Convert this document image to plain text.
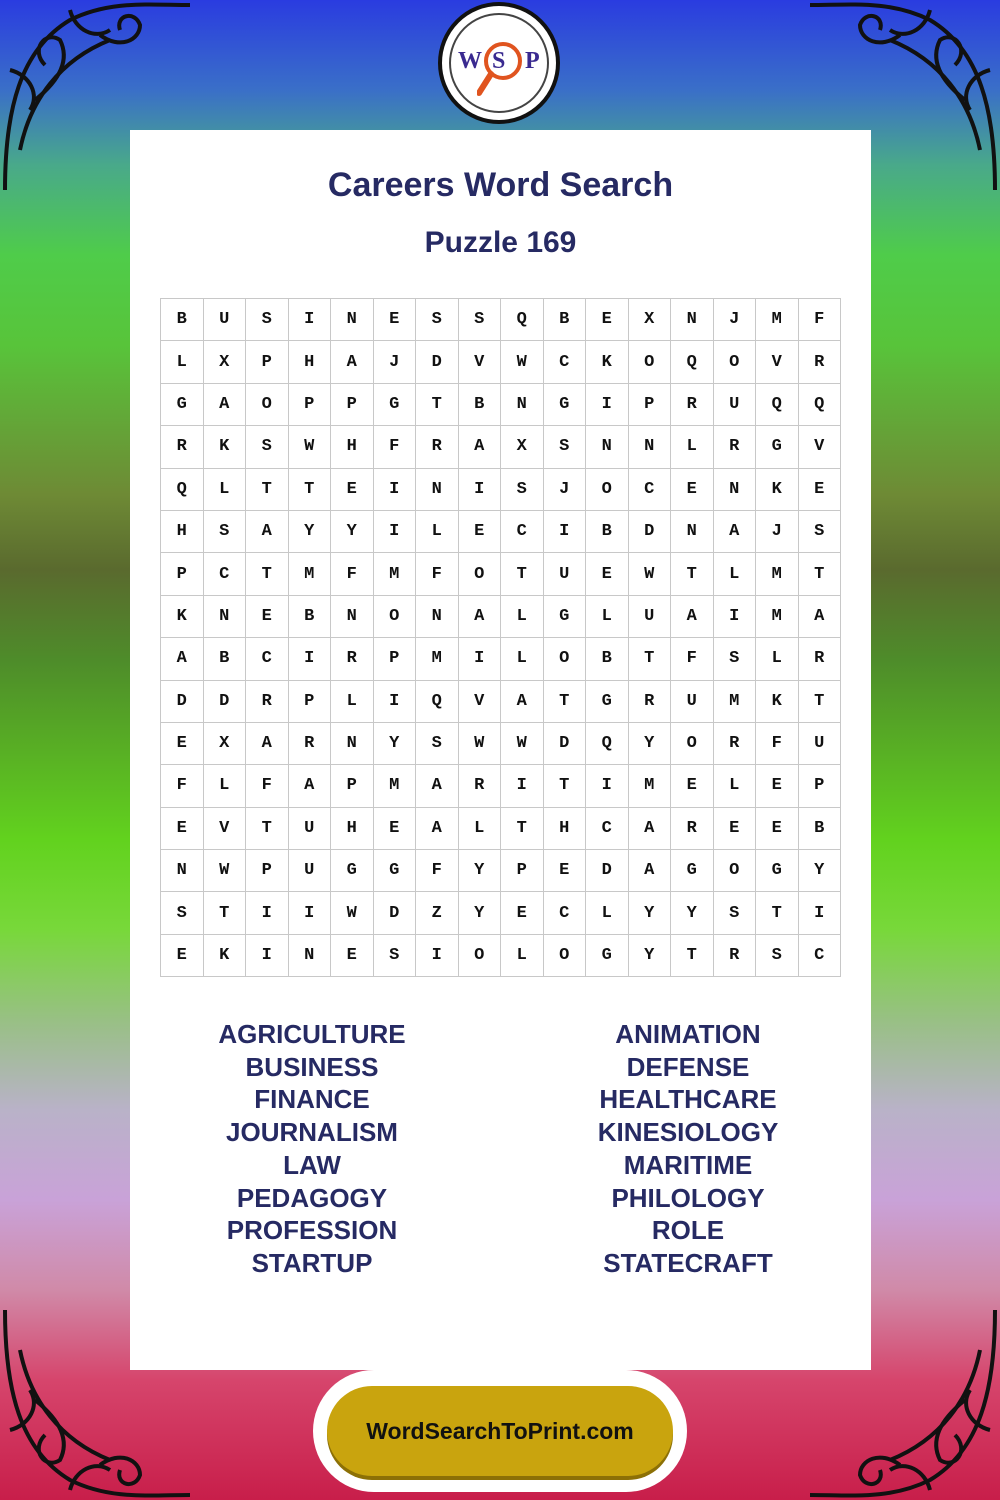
W S P
Careers Word Search
Puzzle 169
B	U	S	I	N	E	S	S	Q	B	E	X	N	J	M	F
L	X	P	H	A	J	D	V	W	C	K	O	Q	O	V	R
G	A	O	P	P	G	T	B	N	G	I	P	R	U	Q	Q
R	K	S	W	H	F	R	A	X	S	N	N	L	R	G	V
Q	L	T	T	E	I	N	I	S	J	O	C	E	N	K	E
H	S	A	Y	Y	I	L	E	C	I	B	D	N	A	J	S
P	C	T	M	F	M	F	O	T	U	E	W	T	L	M	T
K	N	E	B	N	O	N	A	L	G	L	U	A	I	M	A
A	B	C	I	R	P	M	I	L	O	B	T	F	S	L	R
D	D	R	P	L	I	Q	V	A	T	G	R	U	M	K	T
E	X	A	R	N	Y	S	W	W	D	Q	Y	O	R	F	U
F	L	F	A	P	M	A	R	I	T	I	M	E	L	E	P
E	V	T	U	H	E	A	L	T	H	C	A	R	E	E	B
N	W	P	U	G	G	F	Y	P	E	D	A	G	O	G	Y
S	T	I	I	W	D	Z	Y	E	C	L	Y	Y	S	T	I
E	K	I	N	E	S	I	O	L	O	G	Y	T	R	S	C
AGRICULTURE
BUSINESS
FINANCE
JOURNALISM
LAW
PEDAGOGY
PROFESSION
STARTUP
ANIMATION
DEFENSE
HEALTHCARE
KINESIOLOGY
MARITIME
PHILOLOGY
ROLE
STATECRAFT
WordSearchToPrint.com
